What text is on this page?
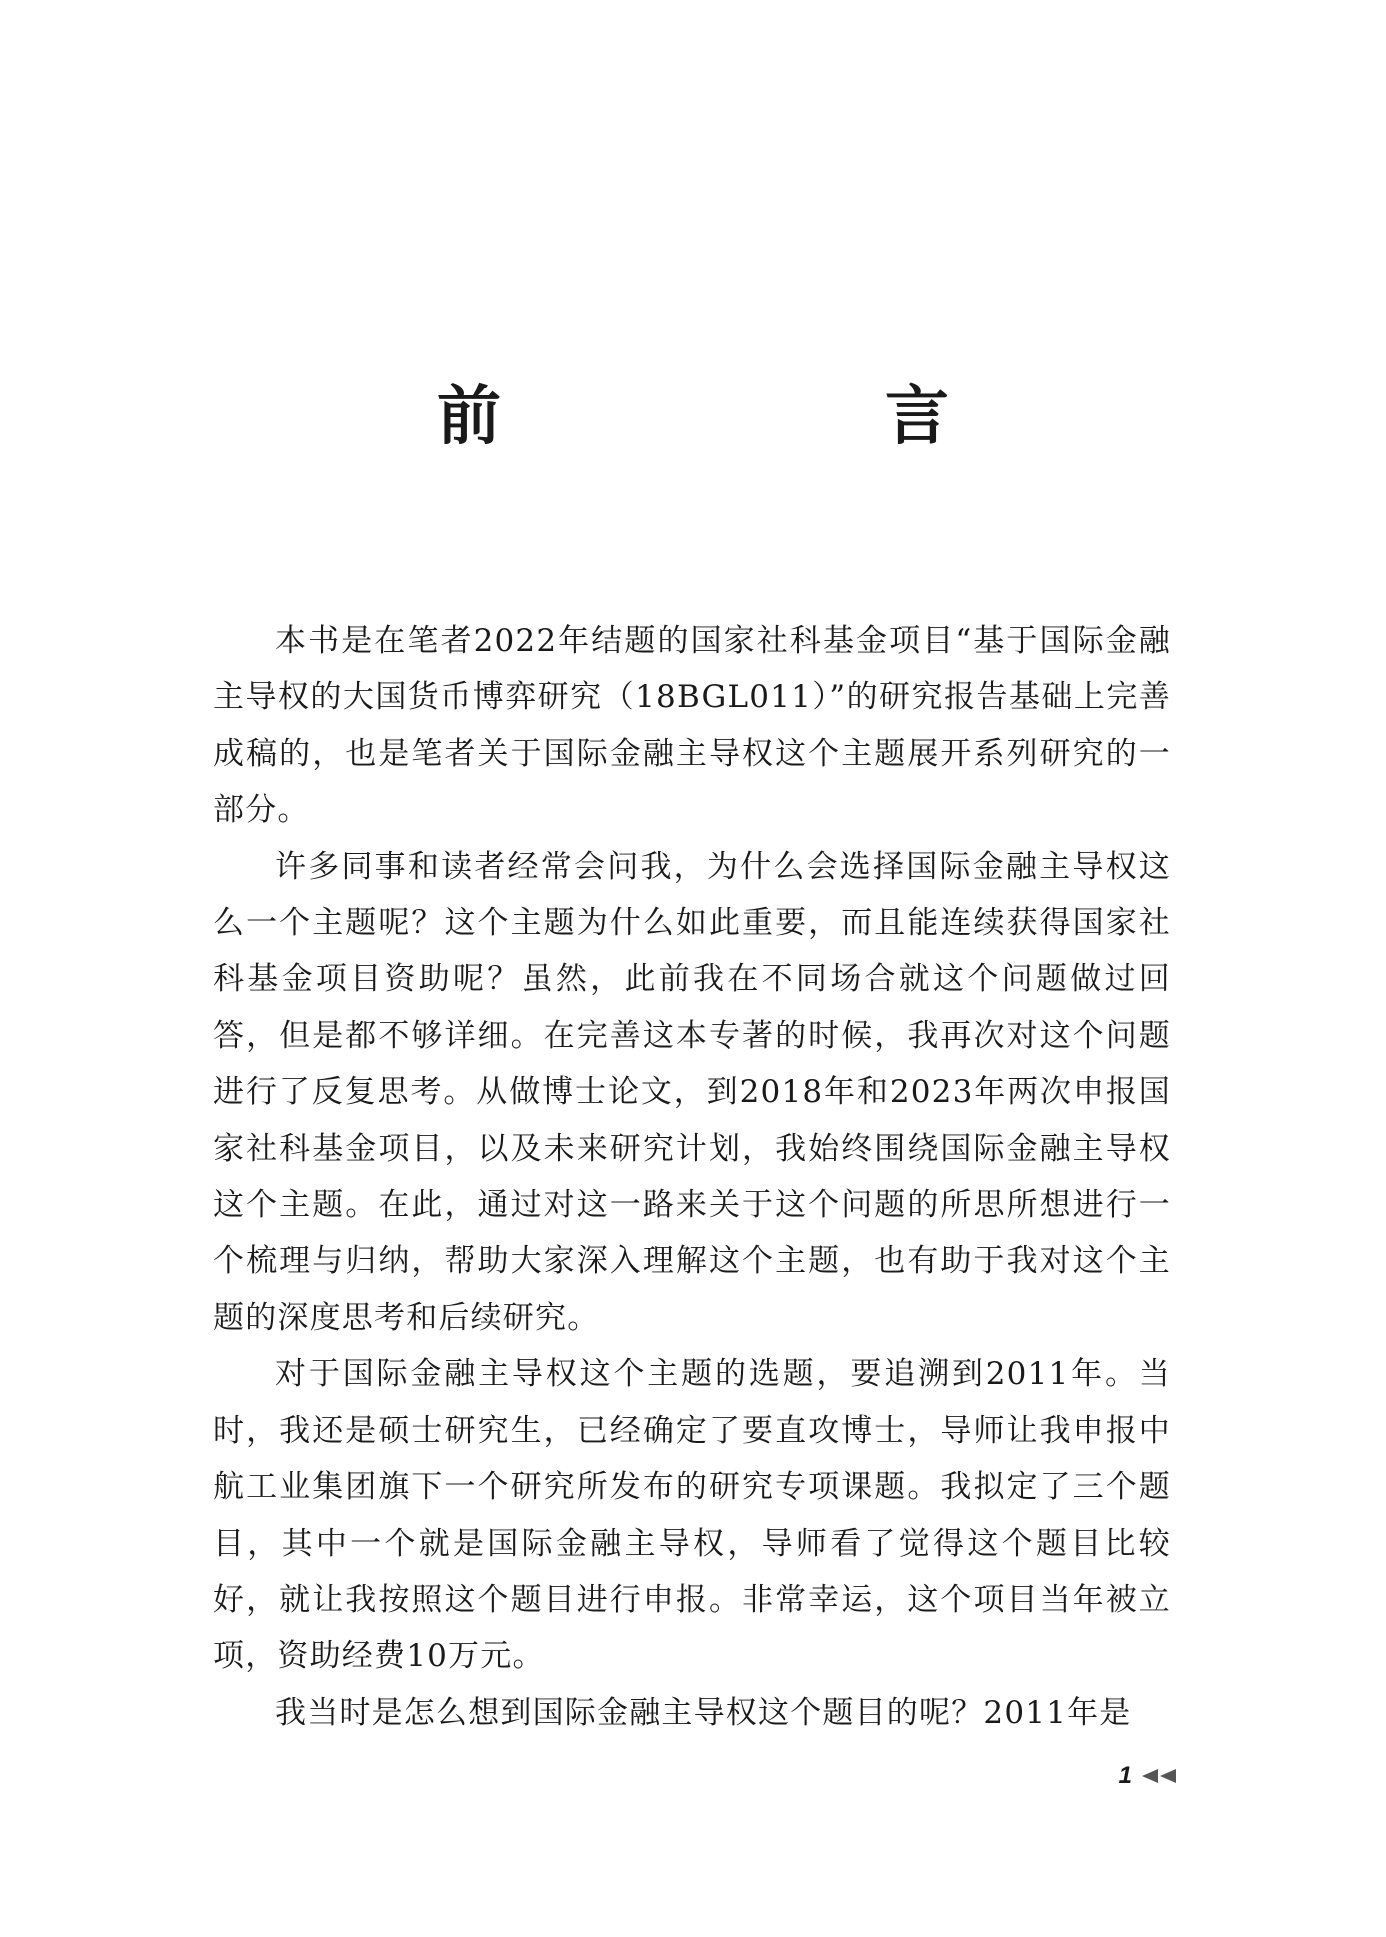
前　言

本书是在笔者2022年结题的国家社科基金项目“基于国际金融主导权的大国货币博弈研究（18BGL011）”的研究报告基础上完善成稿的，也是笔者关于国际金融主导权这个主题展开系列研究的一部分。

许多同事和读者经常会问我，为什么会选择国际金融主导权这么一个主题呢？这个主题为什么如此重要，而且能连续获得国家社科基金项目资助呢？虽然，此前我在不同场合就这个问题做过回答，但是都不够详细。在完善这本专著的时候，我再次对这个问题进行了反复思考。从做博士论文，到2018年和2023年两次申报国家社科基金项目，以及未来研究计划，我始终围绕国际金融主导权这个主题。在此，通过对这一路来关于这个问题的所思所想进行一个梳理与归纳，帮助大家深入理解这个主题，也有助于我对这个主题的深度思考和后续研究。

对于国际金融主导权这个主题的选题，要追溯到2011年。当时，我还是硕士研究生，已经确定了要直攻博士，导师让我申报中航工业集团旗下一个研究所发布的研究专项课题。我拟定了三个题目，其中一个就是国际金融主导权，导师看了觉得这个题目比较好，就让我按照这个题目进行申报。非常幸运，这个项目当年被立项，资助经费10万元。

我当时是怎么想到国际金融主导权这个题目的呢？2011年是

1
